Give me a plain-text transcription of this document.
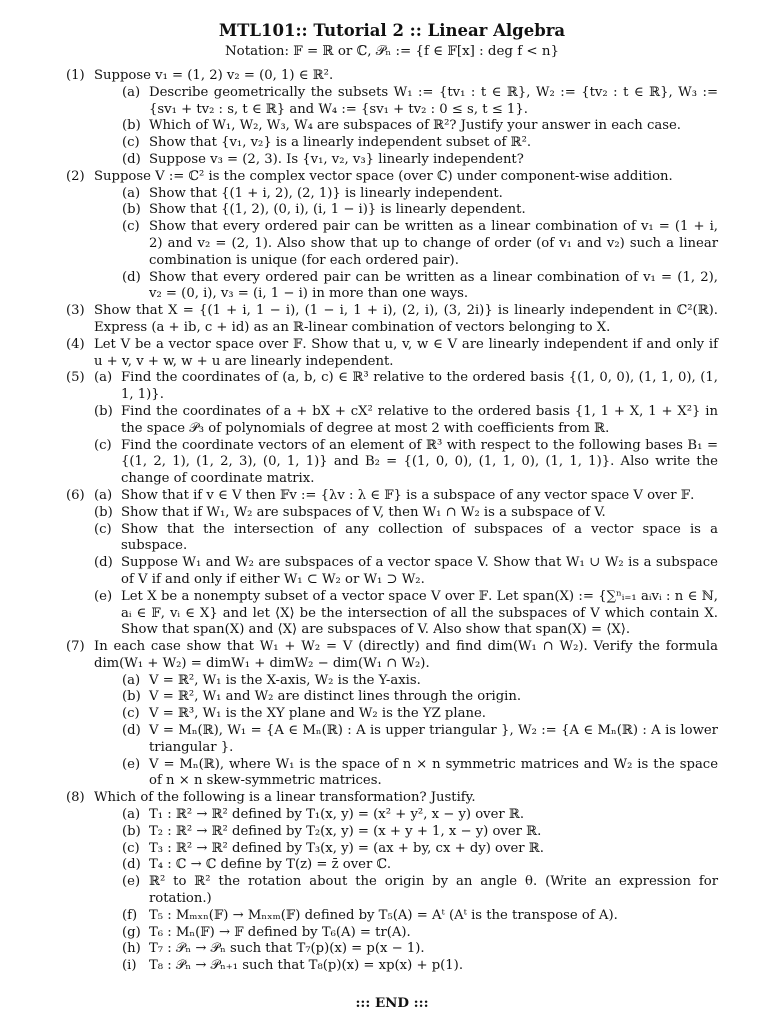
MTL101:: Tutorial 2 :: Linear Algebra
Notation: 𝔽 = ℝ or ℂ, 𝒫ₙ := {f ∈ 𝔽[x] : deg f < n}
(1) Suppose v₁ = (1, 2) v₂ = (0, 1) ∈ ℝ².
(a) Describe geometrically the subsets W₁ := {tv₁ : t ∈ ℝ}, W₂ := {tv₂ : t ∈ ℝ}, W₃ := {sv₁ + tv₂ : s, t ∈ ℝ} and W₄ := {sv₁ + tv₂ : 0 ≤ s, t ≤ 1}.
(b) Which of W₁, W₂, W₃, W₄ are subspaces of ℝ²? Justify your answer in each case.
(c) Show that {v₁, v₂} is a linearly independent subset of ℝ².
(d) Suppose v₃ = (2, 3). Is {v₁, v₂, v₃} linearly independent?
(2) Suppose V := ℂ² is the complex vector space (over ℂ) under component-wise addition.
(a) Show that {(1 + i, 2), (2, 1)} is linearly independent.
(b) Show that {(1, 2), (0, i), (i, 1 − i)} is linearly dependent.
(c) Show that every ordered pair can be written as a linear combination of v₁ = (1 + i, 2) and v₂ = (2, 1). Also show that up to change of order (of v₁ and v₂) such a linear combination is unique (for each ordered pair).
(d) Show that every ordered pair can be written as a linear combination of v₁ = (1, 2), v₂ = (0, i), v₃ = (i, 1 − i) in more than one ways.
(3) Show that X = {(1 + i, 1 − i), (1 − i, 1 + i), (2, i), (3, 2i)} is linearly independent in ℂ²(ℝ). Express (a + ib, c + id) as an ℝ-linear combination of vectors belonging to X.
(4) Let V be a vector space over 𝔽. Show that u, v, w ∈ V are linearly independent if and only if u + v, v + w, w + u are linearly independent.
(5) (a) Find the coordinates of (a, b, c) ∈ ℝ³ relative to the ordered basis {(1, 0, 0), (1, 1, 0), (1, 1, 1)}.
(b) Find the coordinates of a + bX + cX² relative to the ordered basis {1, 1 + X, 1 + X²} in the space 𝒫₃ of polynomials of degree at most 2 with coefficients from ℝ.
(c) Find the coordinate vectors of an element of ℝ³ with respect to the following bases B₁ = {(1, 2, 1), (1, 2, 3), (0, 1, 1)} and B₂ = {(1, 0, 0), (1, 1, 0), (1, 1, 1)}. Also write the change of coordinate matrix.
(6) (a) Show that if v ∈ V then 𝔽v := {λv : λ ∈ 𝔽} is a subspace of any vector space V over 𝔽.
(b) Show that if W₁, W₂ are subspaces of V, then W₁ ∩ W₂ is a subspace of V.
(c) Show that the intersection of any collection of subspaces of a vector space is a subspace.
(d) Suppose W₁ and W₂ are subspaces of a vector space V. Show that W₁ ∪ W₂ is a subspace of V if and only if either W₁ ⊂ W₂ or W₁ ⊃ W₂.
(e) Let X be a nonempty subset of a vector space V over 𝔽. Let span(X) := {∑ⁿᵢ₌₁ aᵢvᵢ : n ∈ ℕ, aᵢ ∈ 𝔽, vᵢ ∈ X} and let ⟨X⟩ be the intersection of all the subspaces of V which contain X. Show that span(X) and ⟨X⟩ are subspaces of V. Also show that span(X) = ⟨X⟩.
(7) In each case show that W₁ + W₂ = V (directly) and find dim(W₁ ∩ W₂). Verify the formula dim(W₁ + W₂) = dimW₁ + dimW₂ − dim(W₁ ∩ W₂).
(a) V = ℝ², W₁ is the X-axis, W₂ is the Y-axis.
(b) V = ℝ², W₁ and W₂ are distinct lines through the origin.
(c) V = ℝ³, W₁ is the XY plane and W₂ is the YZ plane.
(d) V = Mₙ(ℝ), W₁ = {A ∈ Mₙ(ℝ) : A is upper triangular }, W₂ := {A ∈ Mₙ(ℝ) : A is lower triangular }.
(e) V = Mₙ(ℝ), where W₁ is the space of n × n symmetric matrices and W₂ is the space of n × n skew-symmetric matrices.
(8) Which of the following is a linear transformation? Justify.
(a) T₁ : ℝ² → ℝ² defined by T₁(x, y) = (x² + y², x − y) over ℝ.
(b) T₂ : ℝ² → ℝ² defined by T₂(x, y) = (x + y + 1, x − y) over ℝ.
(c) T₃ : ℝ² → ℝ² defined by T₃(x, y) = (ax + by, cx + dy) over ℝ.
(d) T₄ : ℂ → ℂ define by T(z) = z̄ over ℂ.
(e) ℝ² to ℝ² the rotation about the origin by an angle θ. (Write an expression for rotation.)
(f) T₅ : Mₘₓₙ(𝔽) → Mₙₓₘ(𝔽) defined by T₅(A) = Aᵗ (Aᵗ is the transpose of A).
(g) T₆ : Mₙ(𝔽) → 𝔽 defined by T₆(A) = tr(A).
(h) T₇ : 𝒫ₙ → 𝒫ₙ such that T₇(p)(x) = p(x − 1).
(i) T₈ : 𝒫ₙ → 𝒫ₙ₊₁ such that T₈(p)(x) = xp(x) + p(1).
::: END :::
